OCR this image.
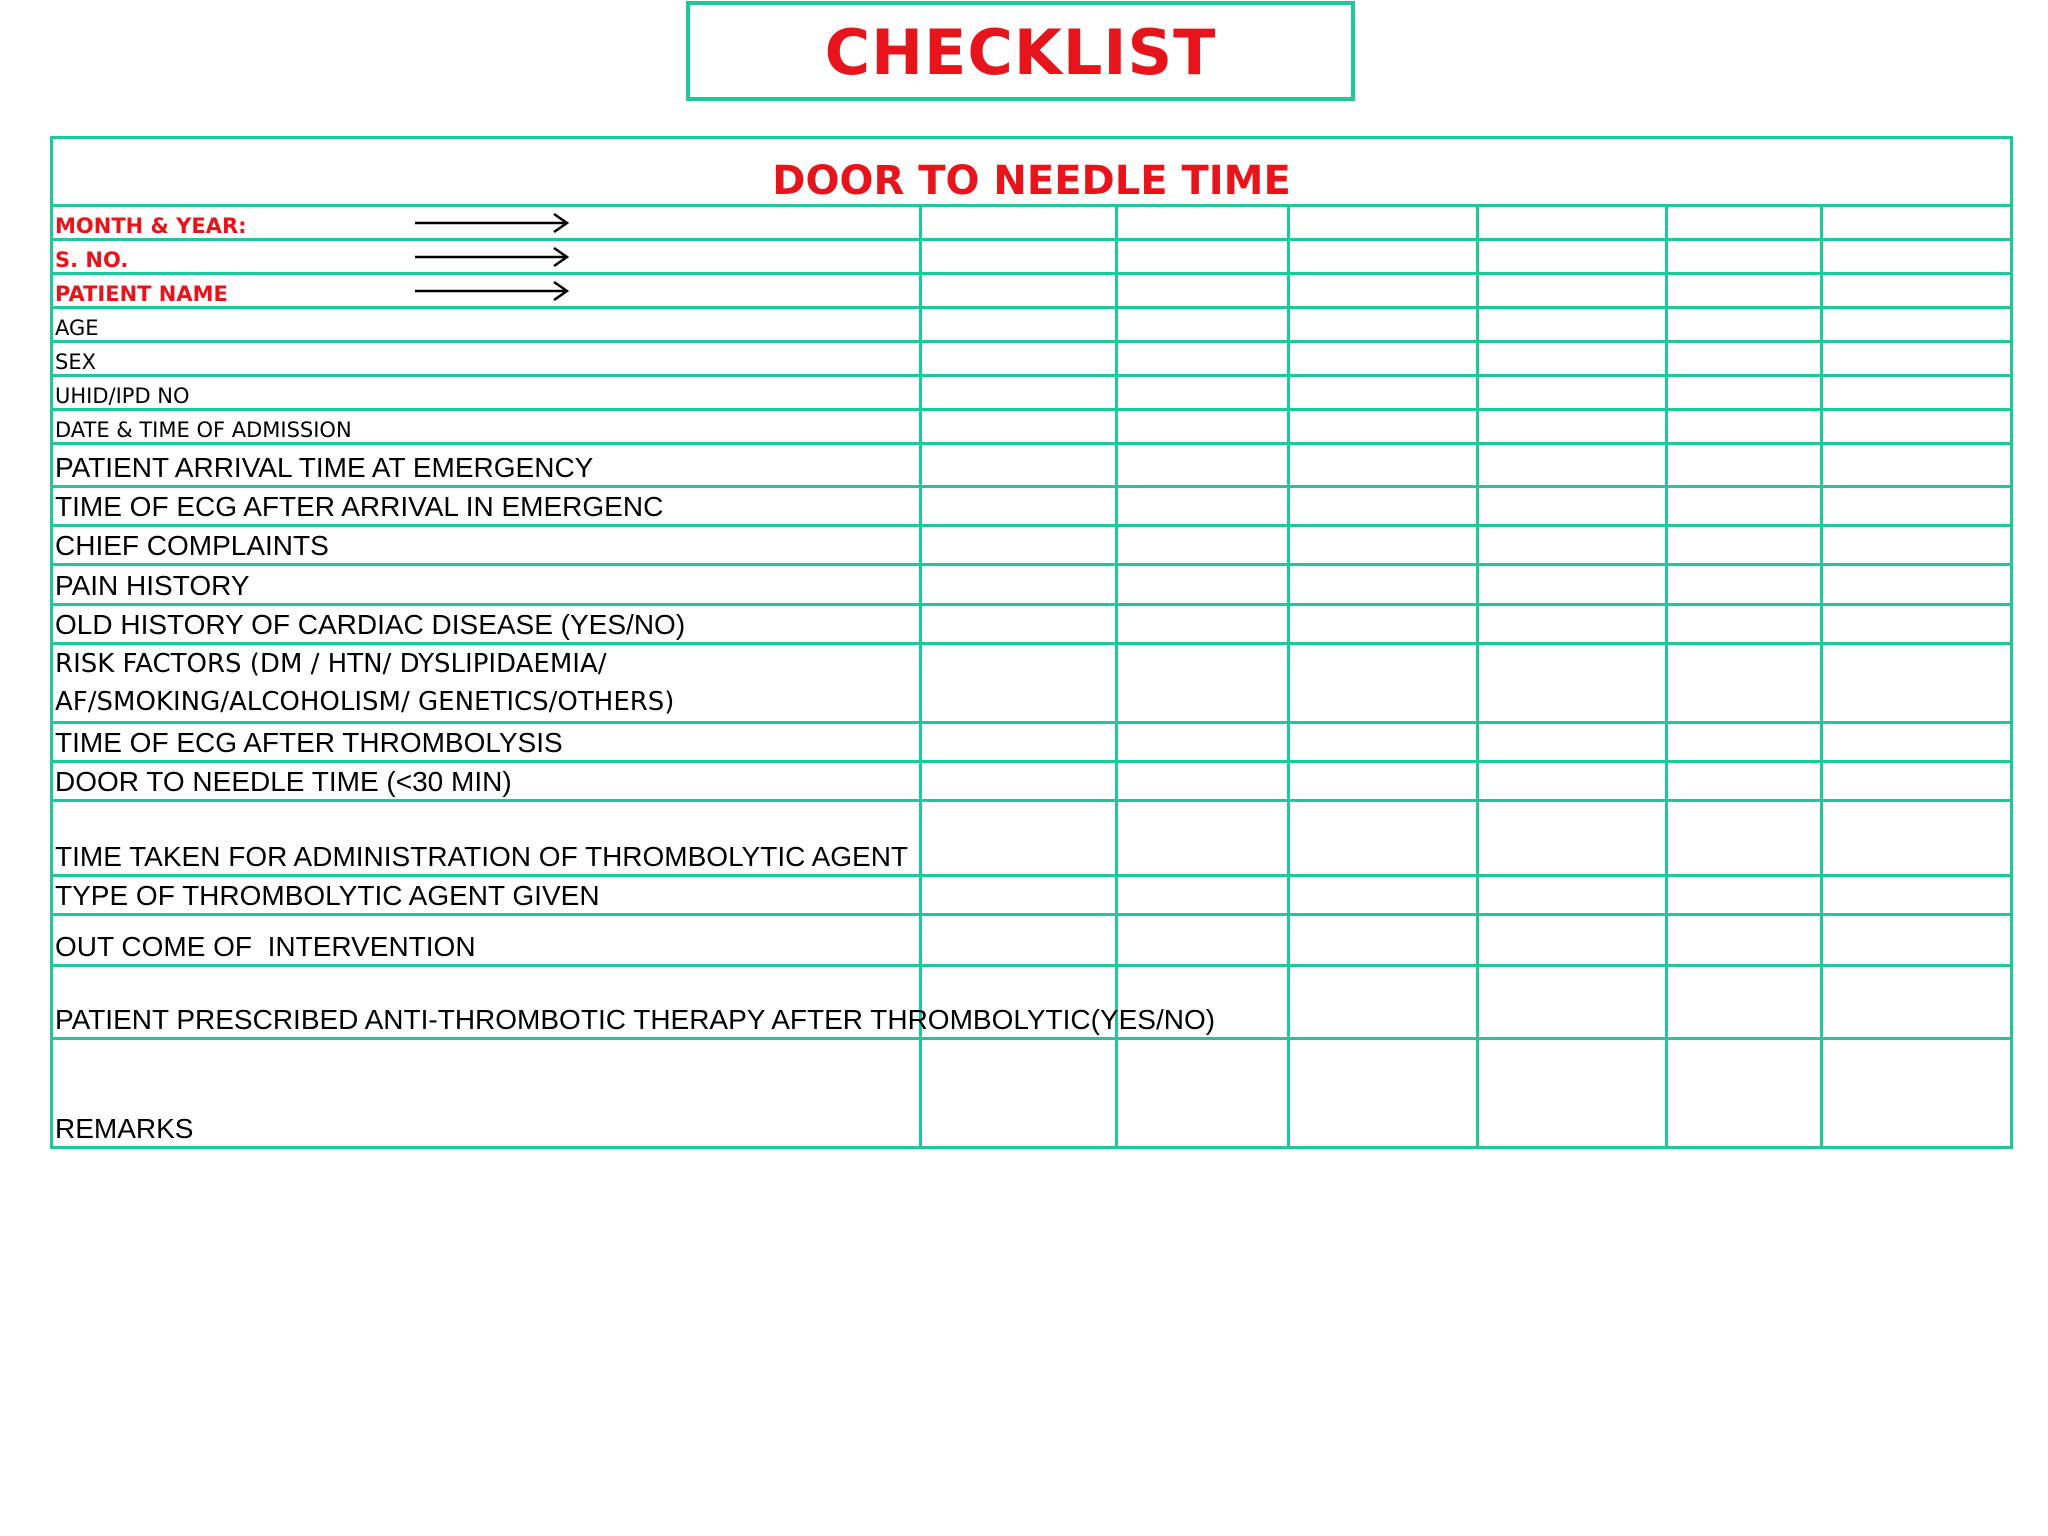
CHECKLIST
DOOR TO NEEDLE TIME						
MONTH & YEAR:

S. NO.

PATIENT NAME

AGE						
SEX						
UHID/IPD NO						
DATE & TIME OF ADMISSION						
PATIENT ARRIVAL TIME AT EMERGENCY						
TIME OF ECG AFTER ARRIVAL IN EMERGENC						
CHIEF COMPLAINTS						
PAIN HISTORY						
OLD HISTORY OF CARDIAC DISEASE (YES/NO)						
RISK FACTORS (DM / HTN/ DYSLIPIDAEMIA/ AF/SMOKING/ALCOHOLISM/ GENETICS/OTHERS)						
TIME OF ECG AFTER THROMBOLYSIS						
DOOR TO NEEDLE TIME (<30 MIN)						
TIME TAKEN FOR ADMINISTRATION OF THROMBOLYTIC AGENT						
TYPE OF THROMBOLYTIC AGENT GIVEN						
OUT COME OF  INTERVENTION						
PATIENT PRESCRIBED ANTI-THROMBOTIC THERAPY AFTER THROMBOLYTIC(YES/NO)						
REMARKS						
